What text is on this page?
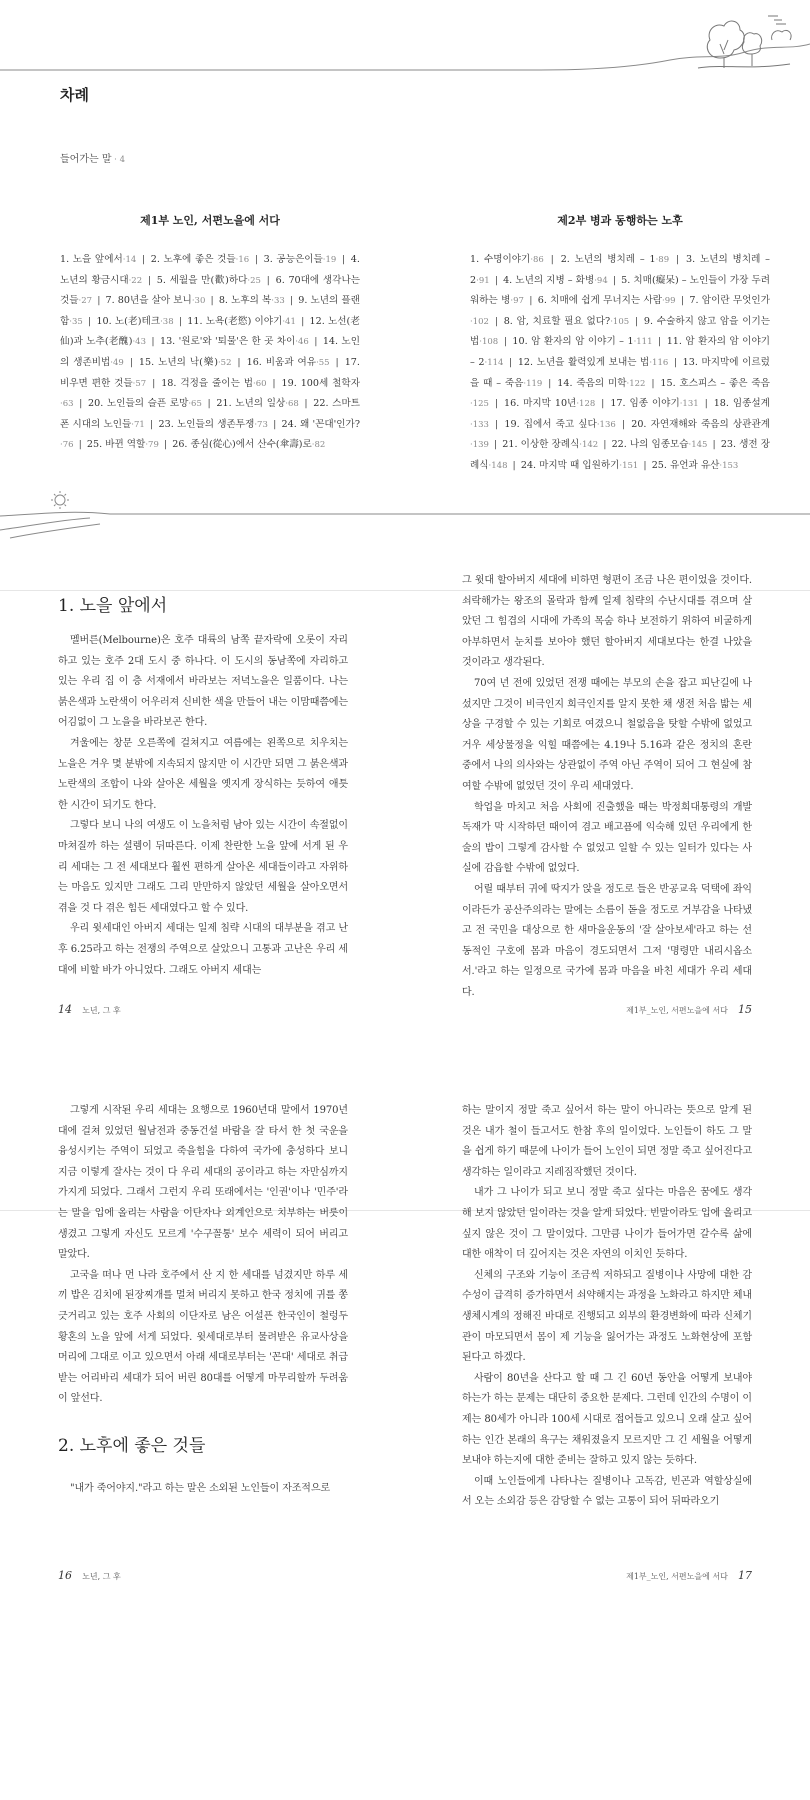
차례
들어가는 말 · 4
제1부 노인, 서편노을에 서다
1. 노을 앞에서·14 | 2. 노후에 좋은 것들·16 | 3. 공능은이들·19 | 4. 노년의 황금시대·22 | 5. 세월을 만(歡)하다·25 | 6. 70대에 생각나는 것들·27 | 7. 80년을 살아 보니·30 | 8. 노후의 복·33 | 9. 노년의 플랜함·35 | 10. 노(老)테크·38 | 11. 노욕(老慾) 이야기·41 | 12. 노선(老仙)과 노추(老醜)·43 | 13. '원로'와 '퇴물'은 한 곳 차이·46 | 14. 노인의 생존비법·49 | 15. 노년의 낙(樂)·52 | 16. 비움과 여유·55 | 17. 비우면 편한 것들·57 | 18. 걱정을 줄이는 법·60 | 19. 100세 철학자·63 | 20. 노인들의 슬픈 로망·65 | 21. 노년의 일상·68 | 22. 스마트폰 시대의 노인들·71 | 23. 노인들의 생존투쟁·73 | 24. 왜 '꼰대'인가?·76 | 25. 바뀐 역할·79 | 26. 종심(從心)에서 산수(傘壽)로·82
제2부 병과 동행하는 노후
1. 수명이야기·86 | 2. 노년의 병치레 – 1·89 | 3. 노년의 병치레 – 2·91 | 4. 노년의 지병 – 화병·94 | 5. 치매(癡呆) – 노인들이 가장 두려워하는 병·97 | 6. 치매에 쉽게 무너지는 사람·99 | 7. 암이란 무엇인가·102 | 8. 암, 치료할 필요 없다?·105 | 9. 수술하지 않고 암을 이기는 법·108 | 10. 암 환자의 암 이야기 – 1·111 | 11. 암 환자의 암 이야기 – 2·114 | 12. 노년을 활력있게 보내는 법·116 | 13. 마지막에 이르렀을 때 – 죽음·119 | 14. 죽음의 미학·122 | 15. 호스피스 – 좋은 죽음·125 | 16. 마지막 10년·128 | 17. 임종 이야기·131 | 18. 임종설계·133 | 19. 집에서 죽고 싶다·136 | 20. 자연재해와 죽음의 상관관계·139 | 21. 이상한 장례식·142 | 22. 나의 임종모습·145 | 23. 생전 장례식·148 | 24. 마지막 때 입원하기·151 | 25. 유언과 유산·153
1. 노을 앞에서

멜버른(Melbourne)은 호주 대륙의 남쪽 끝자락에 오롯이 자리하고 있는 호주 2대 도시 중 하나다. 이 도시의 동남쪽에 자리하고 있는 우리 집 이 층 서재에서 바라보는 저녁노을은 일품이다. 나는 붉은색과 노란색이 어우러져 신비한 색을 만들어 내는 이맘때쯤에는 어김없이 그 노을을 바라보곤 한다.

겨울에는 창문 오른쪽에 걸쳐지고 여름에는 왼쪽으로 치우치는 노을은 겨우 몇 분밖에 지속되지 않지만 이 시간만 되면 그 붉은색과 노란색의 조합이 나와 살아온 세월을 옛지게 장식하는 듯하여 애틋한 시간이 되기도 한다.

그렇다 보니 나의 여생도 이 노을처럼 남아 있는 시간이 속절없이 마쳐질까 하는 설렘이 뒤따른다. 이제 찬란한 노을 앞에 서게 된 우리 세대는 그 전 세대보다 훨씬 편하게 살아온 세대들이라고 자위하는 마음도 있지만 그래도 그리 만만하지 않았던 세월을 살아오면서 겪을 것 다 겪은 힘든 세대였다고 할 수 있다.

우리 윗세대인 아버지 세대는 일제 침략 시대의 대부분을 겪고 난 후 6.25라고 하는 전쟁의 주역으로 살았으니 고통과 고난은 우리 세대에 비할 바가 아니었다. 그래도 아버지 세대는

그 윗대 할아버지 세대에 비하면 형편이 조금 나은 편이었을 것이다. 쇠락해가는 왕조의 몰락과 함께 일제 침략의 수난시대를 겪으며 살았던 그 힘겹의 시대에 가족의 목숨 하나 보전하기 위하여 비굴하게 아부하면서 눈치를 보아야 했던 할아버지 세대보다는 한결 나았을 것이라고 생각된다.

70여 년 전에 있었던 전쟁 때에는 부모의 손을 잡고 피난길에 나섰지만 그것이 비극인지 희극인지를 알지 못한 채 생전 처음 밟는 세상을 구경할 수 있는 기회로 여겼으니 철없음을 탓할 수밖에 없었고 거우 세상물정을 익힐 때쯤에는 4.19나 5.16과 같은 정치의 혼란 중에서 나의 의사와는 상관없이 주역 아닌 주역이 되어 그 현실에 참여할 수밖에 없었던 것이 우리 세대였다.

학업을 마치고 처음 사회에 진출했을 때는 박정희대통령의 개발독재가 막 시작하던 때이여 겸고 배고픔에 익숙해 있던 우리에게 한술의 밥이 그렇게 감사할 수 없었고 일할 수 있는 일터가 있다는 사실에 감읍할 수밖에 없었다.

어릴 때부터 귀에 딱지가 앉을 정도로 들은 반공교육 덕택에 좌익이라든가 공산주의라는 말에는 소름이 돋을 정도로 거부감을 나타냈고 전 국민을 대상으로 한 새마을운동의 '잘 살아보세'라고 하는 선동적인 구호에 몸과 마음이 경도되면서 그저 '명령만 내리시옵소서.'라고 하는 일정으로 국가에 몸과 마음을 바친 세대가 우리 세대다.

14 노년, 그 후	제1부_노인, 서편노을에 서다 15

그렇게 시작된 우리 세대는 요행으로 1960년대 말에서 1970년대에 걸쳐 있었던 월남전과 중동건설 바람을 잘 타서 한 첫 국운을 융성시키는 주역이 되었고 죽을힘을 다하여 국가에 충성하다 보니 지금 이렇게 잘사는 것이 다 우리 세대의 공이라고 하는 자만심까지 가지게 되었다. 그래서 그런지 우리 또래에서는 '인권'이나 '민주'라는 말을 입에 올리는 사람을 이단자나 외계인으로 치부하는 버릇이 생겼고 그렇게 자신도 모르게 '수구꼴통' 보수 세력이 되어 버리고 말았다.

고국을 떠나 먼 나라 호주에서 산 지 한 세대를 넘겼지만 하루 세끼 밥은 김치에 된장찌개를 멀쳐 버리지 못하고 한국 정치에 귀를 쫑긋거리고 있는 호주 사회의 이단자로 남은 어설픈 한국인이 철렁두 황혼의 노을 앞에 서게 되었다. 윗세대로부터 물려받은 유교사상을 머리에 그대로 이고 있으면서 아래 세대로부터는 '꼰대' 세대로 취급받는 어리바리 세대가 되어 버린 80대를 어떻게 마무리할까 두려움이 앞선다.

2. 노후에 좋은 것들

"내가 죽어야지."라고 하는 말은 소외된 노인들이 자조적으로

하는 말이지 정말 죽고 싶어서 하는 말이 아니라는 뜻으로 알게 된 것은 내가 철이 들고서도 한참 후의 일이었다. 노인들이 하도 그 말을 쉽게 하기 때문에 나이가 들어 노인이 되면 정말 죽고 싶어진다고 생각하는 일이라고 지레짐작했던 것이다.

내가 그 나이가 되고 보니 정말 죽고 싶다는 마음은 꿈에도 생각해 보지 않았던 일이라는 것을 알게 되었다. 빈말이라도 입에 올리고 싶지 않은 것이 그 말이었다. 그만큼 나이가 들어가면 갈수록 삶에 대한 애착이 더 깊어지는 것은 자연의 이치인 듯하다.

신체의 구조와 기능이 조금씩 저하되고 질병이나 사망에 대한 감수성이 급격히 증가하면서 쇠약해지는 과정을 노화라고 하지만 체내 생체시계의 정해진 바대로 진행되고 외부의 환경변화에 따라 신체기관이 마모되면서 몸이 제 기능을 잃어가는 과정도 노화현상에 포함된다고 하겠다.

사람이 80년을 산다고 할 때 그 긴 60년 동안을 어떻게 보내야 하는가 하는 문제는 대단히 중요한 문제다. 그런데 인간의 수명이 이제는 80세가 아니라 100세 시대로 접어들고 있으니 오래 살고 싶어 하는 인간 본래의 욕구는 채워졌을지 모르지만 그 긴 세월을 어떻게 보내야 하는지에 대한 준비는 잘하고 있지 않는 듯하다.

이때 노인들에게 나타나는 질병이나 고독감, 빈곤과 역할상실에서 오는 소외감 등은 감당할 수 없는 고통이 되어 뒤따라오기

16 노년, 그 후	제1부_노인, 서편노을에 서다 17
